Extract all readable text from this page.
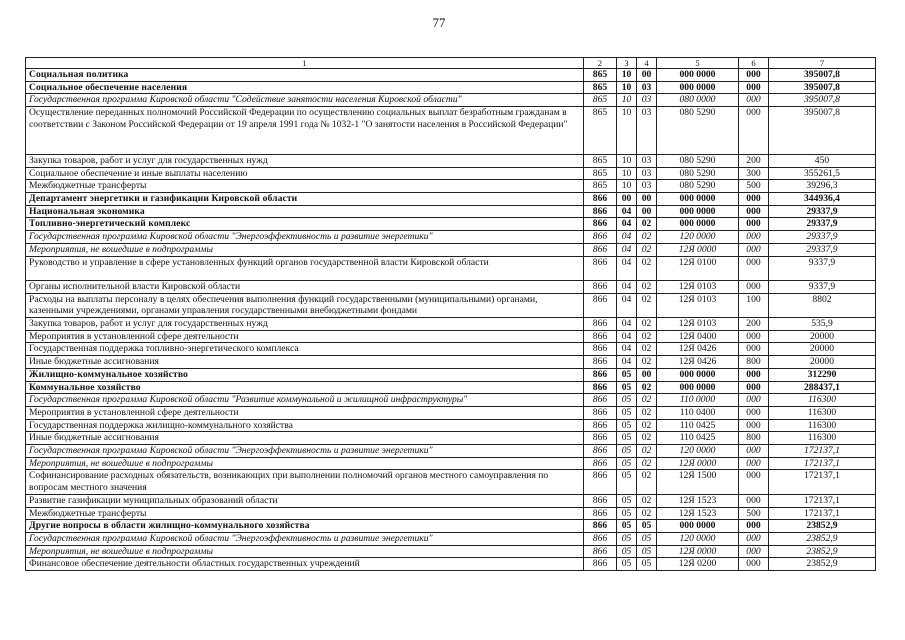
77
1	2	3	4	5	6	7
Социальная политика	865	10	00	000 0000	000	395007,8
Социальное обеспечение населения	865	10	03	000 0000	000	395007,8
Государственная программа Кировской области "Содействие занятости населения Кировской области"	865	10	03	080 0000	000	395007,8
Осуществление переданных полномочий Российской Федерации по осуществлению социальных выплат безработным гражданам в соответствии с Законом Российской Федерации от 19 апреля 1991 года № 1032-1 "О занятости населения в Российской Федерации"	865	10	03	080 5290	000	395007,8
Закупка товаров, работ и услуг для государственных нужд	865	10	03	080 5290	200	450
Социальное обеспечение и иные выплаты населению	865	10	03	080 5290	300	355261,5
Межбюджетные трансферты	865	10	03	080 5290	500	39296,3
Департамент энергетики и газификации Кировской области	866	00	00	000 0000	000	344936,4
Национальная экономика	866	04	00	000 0000	000	29337,9
Топливно-энергетический комплекс	866	04	02	000 0000	000	29337,9
Государственная программа Кировской области "Энергоэффективность и развитие энергетики"	866	04	02	120 0000	000	29337,9
Мероприятия, не вошедшие в подпрограммы	866	04	02	12Я 0000	000	29337,9
Руководство и управление в сфере установленных функций органов государственной власти Кировской области	866	04	02	12Я 0100	000	9337,9
Органы исполнительной власти Кировской области	866	04	02	12Я 0103	000	9337,9
Расходы на выплаты персоналу в целях обеспечения выполнения функций государственными (муниципальными) органами, казенными учреждениями, органами управления государственными внебюджетными фондами	866	04	02	12Я 0103	100	8802
Закупка товаров, работ и услуг для государственных нужд	866	04	02	12Я 0103	200	535,9
Мероприятия в установленной сфере деятельности	866	04	02	12Я 0400	000	20000
Государственная поддержка топливно-энергетического комплекса	866	04	02	12Я 0426	000	20000
Иные бюджетные ассигнования	866	04	02	12Я 0426	800	20000
Жилищно-коммунальное хозяйство	866	05	00	000 0000	000	312290
Коммунальное хозяйство	866	05	02	000 0000	000	288437,1
Государственная программа Кировской области "Развитие коммунальной и жилищной инфраструктуры"	866	05	02	110 0000	000	116300
Мероприятия в установленной сфере деятельности	866	05	02	110 0400	000	116300
Государственная поддержка жилищно-коммунального хозяйства	866	05	02	110 0425	000	116300
Иные бюджетные ассигнования	866	05	02	110 0425	800	116300
Государственная программа Кировской области "Энергоэффективность и развитие энергетики"	866	05	02	120 0000	000	172137,1
Мероприятия, не вошедшие в подпрограммы	866	05	02	12Я 0000	000	172137,1
Софинансирование расходных обязательств, возникающих при выполнении полномочий органов местного самоуправления по вопросам местного значения	866	05	02	12Я 1500	000	172137,1
Развитие газификации муниципальных образований области	866	05	02	12Я 1523	000	172137,1
Межбюджетные трансферты	866	05	02	12Я 1523	500	172137,1
Другие вопросы в области жилищно-коммунального хозяйства	866	05	05	000 0000	000	23852,9
Государственная программа Кировской области "Энергоэффективность и развитие энергетики"	866	05	05	120 0000	000	23852,9
Мероприятия, не вошедшие в подпрограммы	866	05	05	12Я 0000	000	23852,9
Финансовое обеспечение деятельности областных государственных учреждений	866	05	05	12Я 0200	000	23852,9
